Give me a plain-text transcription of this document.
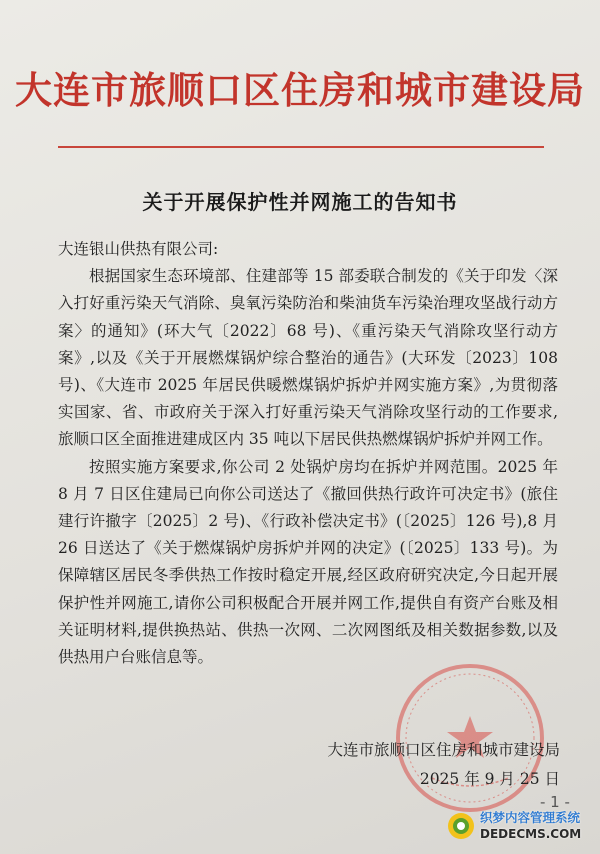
大连市旅顺口区住房和城市建设局
关于开展保护性并网施工的告知书

大连银山供热有限公司:

根据国家生态环境部、住建部等 15 部委联合制发的《关于印发〈深入打好重污染天气消除、臭氧污染防治和柴油货车污染治理攻坚战行动方案〉的通知》(环大气〔2022〕68 号)、《重污染天气消除攻坚行动方案》,以及《关于开展燃煤锅炉综合整治的通告》(大环发〔2023〕108 号)、《大连市 2025 年居民供暖燃煤锅炉拆炉并网实施方案》,为贯彻落实国家、省、市政府关于深入打好重污染天气消除攻坚行动的工作要求,旅顺口区全面推进建成区内 35 吨以下居民供热燃煤锅炉拆炉并网工作。

按照实施方案要求,你公司 2 处锅炉房均在拆炉并网范围。2025 年 8 月 7 日区住建局已向你公司送达了《撤回供热行政许可决定书》(旅住建行许撤字〔2025〕2 号)、《行政补偿决定书》(〔2025〕126 号),8 月 26 日送达了《关于燃煤锅炉房拆炉并网的决定》(〔2025〕133 号)。为保障辖区居民冬季供热工作按时稳定开展,经区政府研究决定,今日起开展保护性并网施工,请你公司积极配合开展并网工作,提供自有资产台账及相关证明材料,提供换热站、供热一次网、二次网图纸及相关数据参数,以及供热用户台账信息等。

大连市旅顺口区住房和城市建设局
2025 年 9 月 25 日
- 1 -
织梦内容管理系统
DEDECMS.COM
